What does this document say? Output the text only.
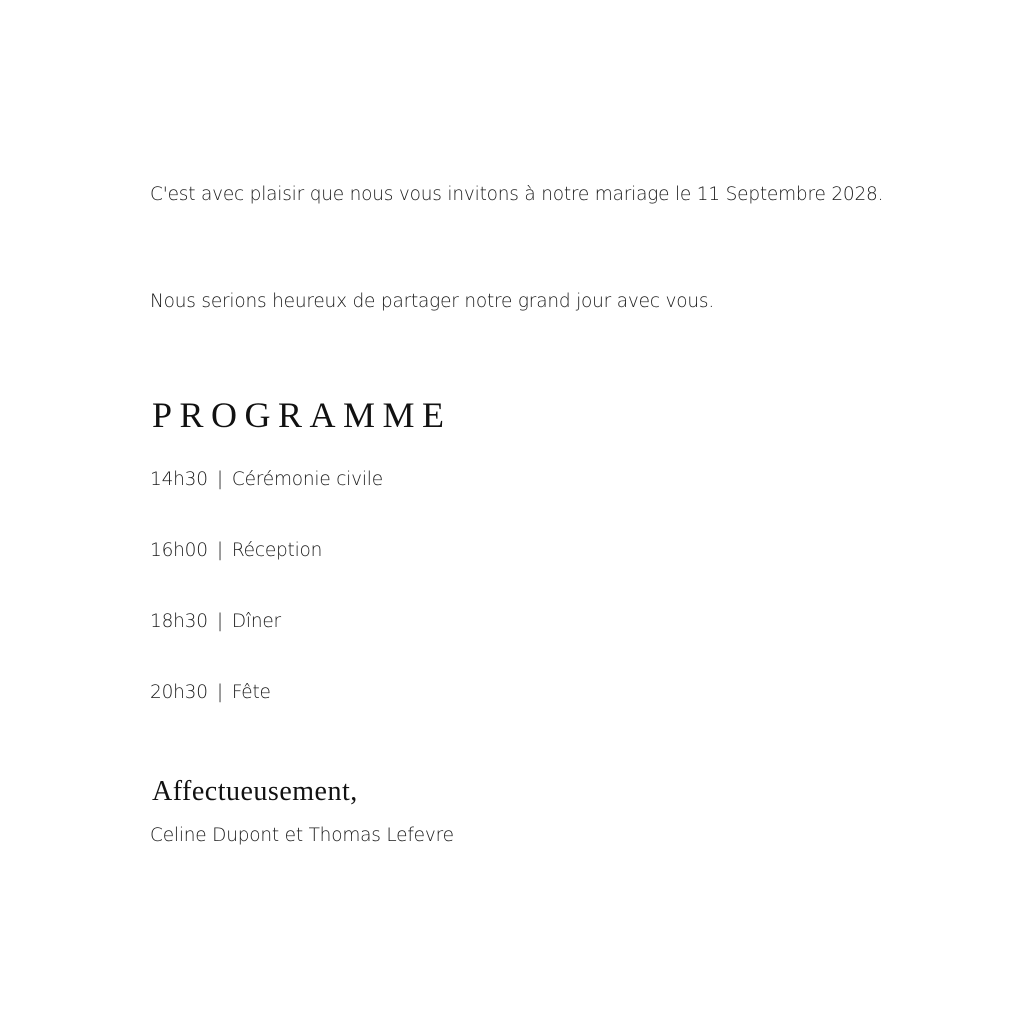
C'est avec plaisir que nous vous invitons à notre mariage le 11 Septembre 2028.
Nous serions heureux de partager notre grand jour avec vous.
PROGRAMME
14h30 | Cérémonie civile
16h00 | Réception
18h30 | Dîner
20h30 | Fête
Affectueusement,
Celine Dupont et Thomas Lefevre
